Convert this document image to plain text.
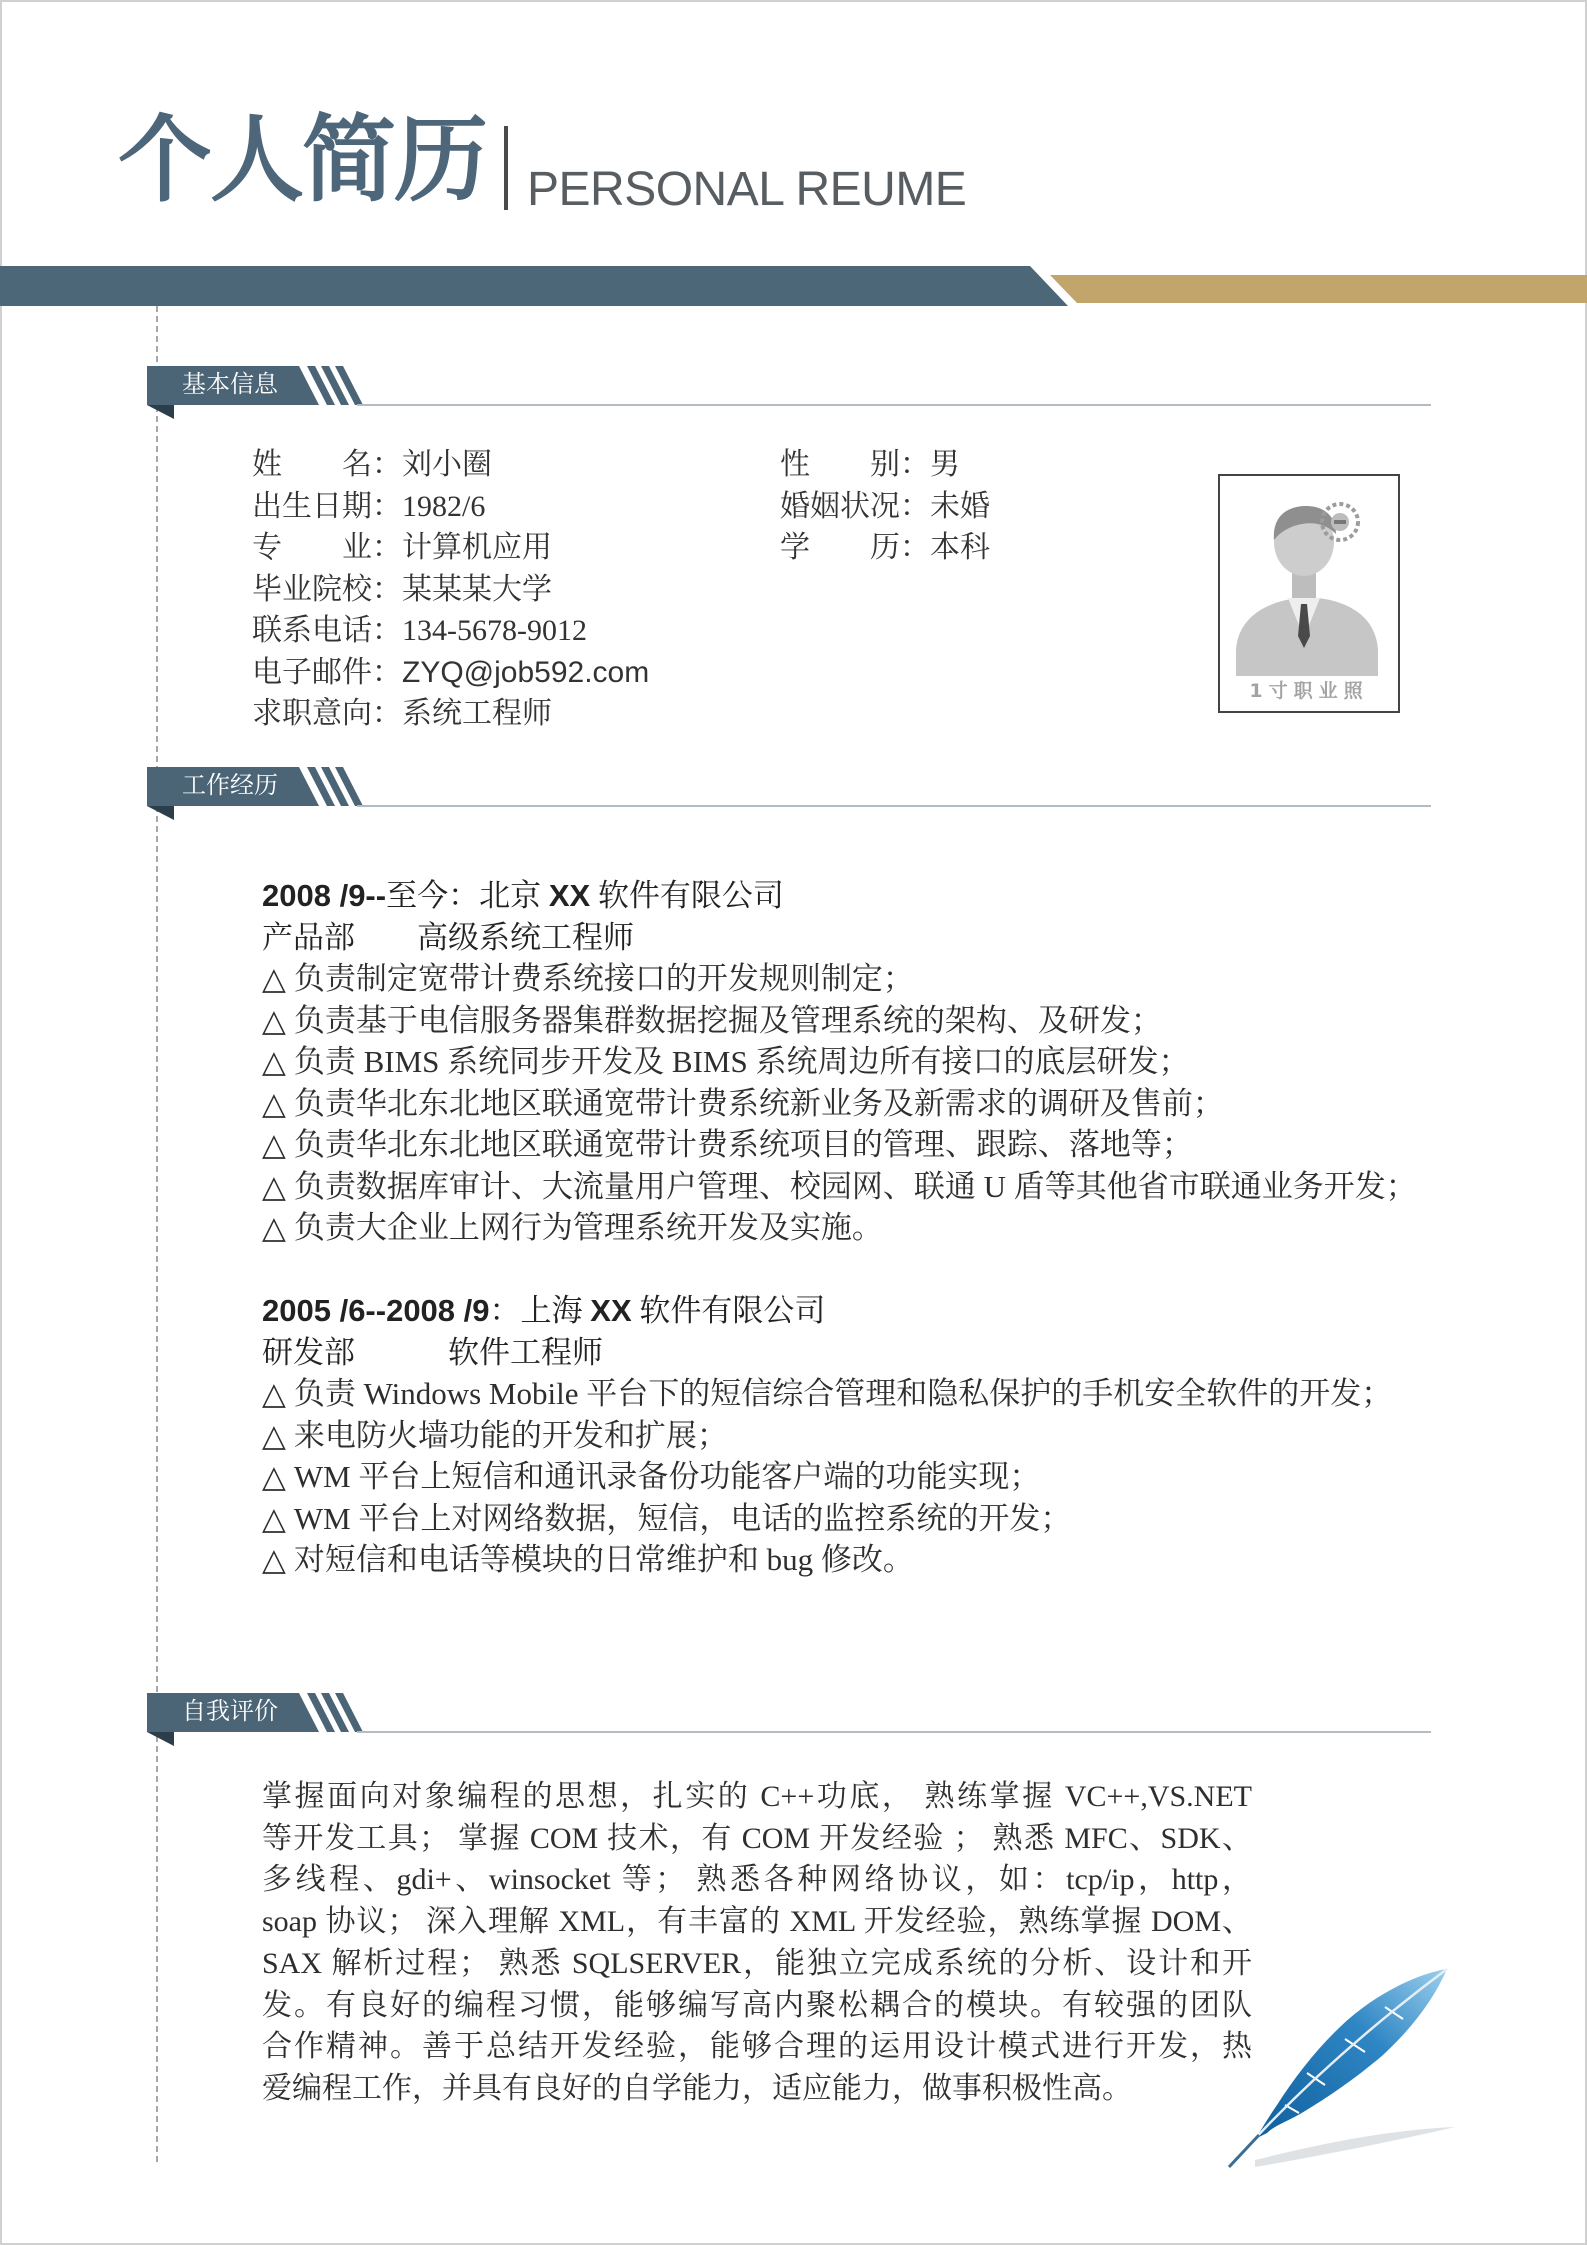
个人简历 PERSONAL REUME
基本信息
姓　　名：刘小圈
出生日期：1982/6
专　　业：计算机应用
毕业院校：某某某大学
联系电话：134-5678-9012
电子邮件：ZYQ@job592.com
求职意向：系统工程师
性　　别：男
婚姻状况：未婚
学　　历：本科
1寸职业照
工作经历
2008 /9--至今：北京 XX 软件有限公司
产品部　　高级系统工程师
△ 负责制定宽带计费系统接口的开发规则制定；
△ 负责基于电信服务器集群数据挖掘及管理系统的架构、及研发；
△ 负责 BIMS 系统同步开发及 BIMS 系统周边所有接口的底层研发；
△ 负责华北东北地区联通宽带计费系统新业务及新需求的调研及售前；
△ 负责华北东北地区联通宽带计费系统项目的管理、跟踪、落地等；
△ 负责数据库审计、大流量用户管理、校园网、联通 U 盾等其他省市联通业务开发；
△ 负责大企业上网行为管理系统开发及实施。
2005 /6--2008 /9：上海 XX 软件有限公司
研发部　　　软件工程师
△ 负责 Windows Mobile 平台下的短信综合管理和隐私保护的手机安全软件的开发；
△ 来电防火墙功能的开发和扩展；
△ WM 平台上短信和通讯录备份功能客户端的功能实现；
△ WM 平台上对网络数据，短信，电话的监控系统的开发；
△ 对短信和电话等模块的日常维护和 bug 修改。
自我评价
掌握面向对象编程的思想，扎实的 C++功底， 熟练掌握 VC++,VS.NET
等开发工具； 掌握 COM 技术，有 COM 开发经验 ； 熟悉 MFC、SDK、
多线程、gdi+、winsocket 等； 熟悉各种网络协议，如：tcp/ip，http，
soap 协议； 深入理解 XML，有丰富的 XML 开发经验，熟练掌握 DOM、
SAX 解析过程； 熟悉 SQLSERVER，能独立完成系统的分析、设计和开
发。有良好的编程习惯，能够编写高内聚松耦合的模块。有较强的团队
合作精神。善于总结开发经验，能够合理的运用设计模式进行开发，热
爱编程工作，并具有良好的自学能力，适应能力，做事积极性高。
